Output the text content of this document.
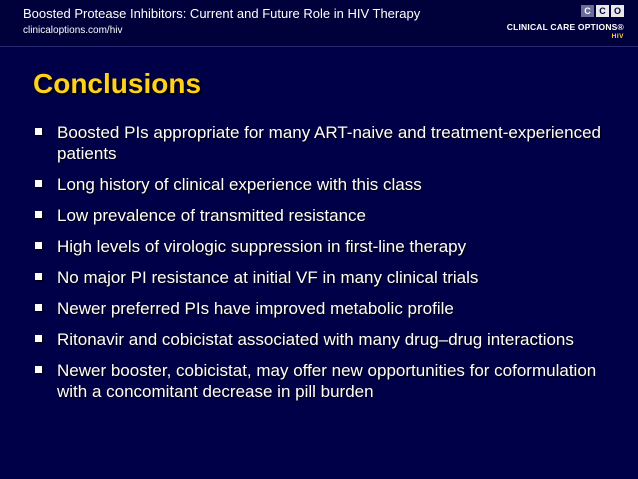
Boosted Protease Inhibitors: Current and Future Role in HIV Therapy
clinicaloptions.com/hiv
C C O
CLINICAL CARE OPTIONS®
HIV
Conclusions
Boosted PIs appropriate for many ART-naive and treatment-experienced patients
Long history of clinical experience with this class
Low prevalence of transmitted resistance
High levels of virologic suppression in first-line therapy
No major PI resistance at initial VF in many clinical trials
Newer preferred PIs have improved metabolic profile
Ritonavir and cobicistat associated with many drug–drug interactions
Newer booster, cobicistat, may offer new opportunities for coformulation with a concomitant decrease in pill burden
